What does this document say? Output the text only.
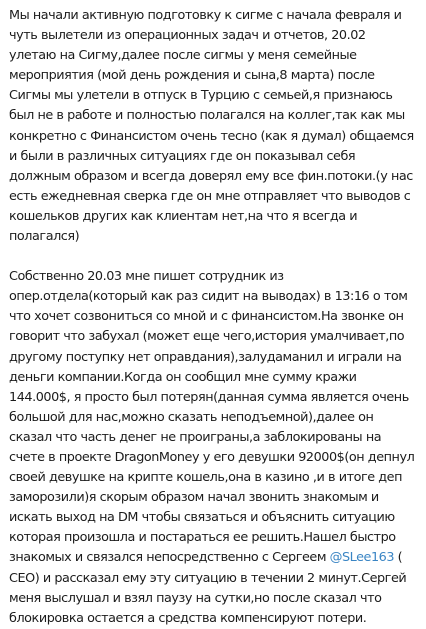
Мы начали активную подготовку к сигме с начала февраля и чуть вылетели из операционных задач и отчетов, 20.02 улетаю на Сигму,далее после сигмы у меня семейные мероприятия (мой день рождения и сына,8 марта) после Сигмы мы улетели в отпуск в Турцию с семьей,я признаюсь был не в работе и полностью полагался на коллег,так как мы конкретно с Финансистом очень тесно (как я думал) общаемся и были в различных ситуациях где он показывал себя должным образом и всегда доверял ему все фин.потоки.(у нас есть ежедневная сверка где он мне отправляет что выводов с кошельков других как клиентам нет,на что я всегда и полагался)

Собственно 20.03 мне пишет сотрудник из опер.отдела(который как раз сидит на выводах) в 13:16 о том что хочет созвониться со мной и с финансистом.На звонке он говорит что забухал (может еще чего,история умалчивает,по другому поступку нет оправдания),залудаманил и играли на деньги компании.Когда он сообщил мне сумму кражи 144.000$, я просто был потерян(данная сумма является очень большой для нас,можно сказать неподъемной),далее он сказал что часть денег не проиграны,а заблокированы на счете в проекте DragonMoney у его девушки 92000$(он депнул своей девушке на крипте кошель,она в казино ,и в итоге деп заморозили)я скорым образом начал звонить знакомым и искать выход на DM чтобы связаться и объяснить ситуацию которая произошла и постараться ее решить.Нашел быстро знакомых и связался непосредственно с Сергеем @SLee163 ( CEO) и рассказал ему эту ситуацию в течении 2 минут.Сергей меня выслушал и взял паузу на сутки,но после сказал что блокировка остается а средства компенсируют потери.
